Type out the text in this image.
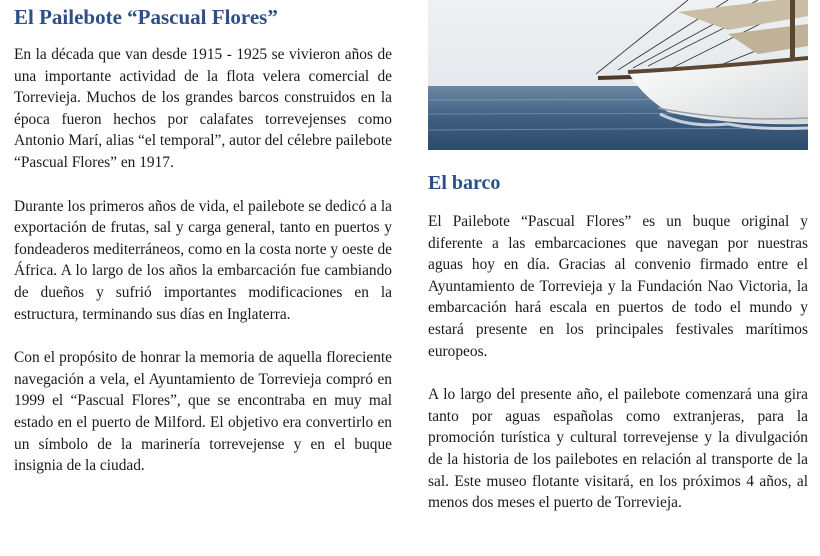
El Pailebote “Pascual Flores”

En la década que van desde 1915 - 1925 se vivieron años de una importante actividad de la flota velera comercial de Torrevieja. Muchos de los grandes barcos construidos en la época fueron hechos por calafates torrevejenses como Antonio Marí, alias “el temporal”, autor del célebre pailebote “Pascual Flores” en 1917.

Durante los primeros años de vida, el pailebote se dedicó a la exportación de frutas, sal y carga general, tanto en puertos y fondeaderos mediterráneos, como en la costa norte y oeste de África. A lo largo de los años la embarcación fue cambiando de dueños y sufrió importantes modificaciones en la estructura, terminando sus días en Inglaterra.

Con el propósito de honrar la memoria de aquella floreciente navegación a vela, el Ayuntamiento de Torrevieja compró en 1999 el “Pascual Flores”, que se encontraba en muy mal estado en el puerto de Milford. El objetivo era convertirlo en un símbolo de la marinería torrevejense y en el buque insignia de la ciudad.

El barco

El Pailebote “Pascual Flores” es un buque original y diferente a las embarcaciones que navegan por nuestras aguas hoy en día. Gracias al convenio firmado entre el Ayuntamiento de Torrevieja y la Fundación Nao Victoria, la embarcación hará escala en puertos de todo el mundo y estará presente en los principales festivales marítimos europeos.

A lo largo del presente año, el pailebote comenzará una gira tanto por aguas españolas como extranjeras, para la promoción turística y cultural torrevejense y la divulgación de la historia de los pailebotes en relación al transporte de la sal. Este museo flotante visitará, en los próximos 4 años, al menos dos meses el puerto de Torrevieja.
